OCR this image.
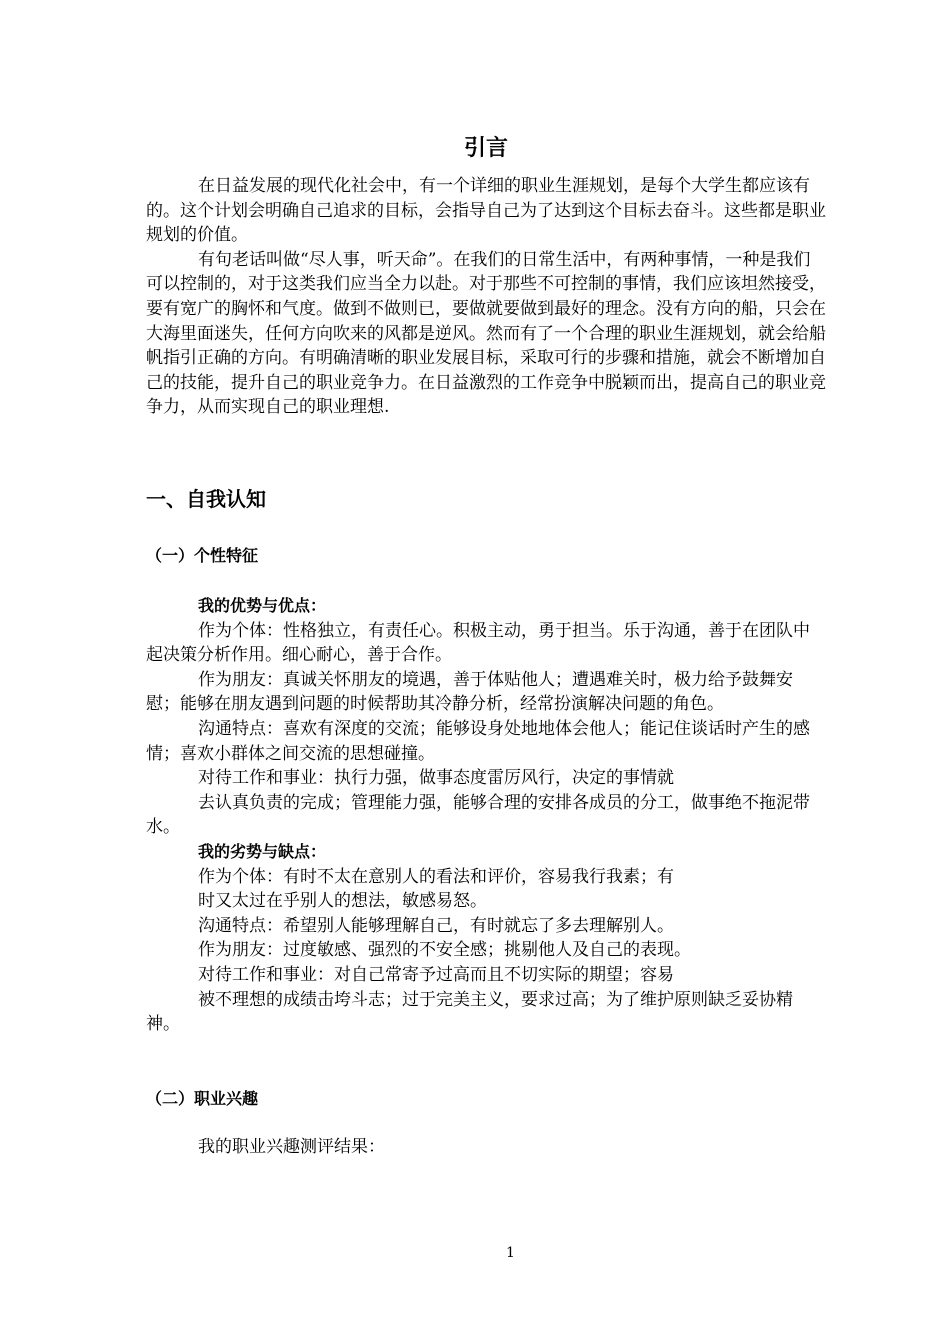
引言

在日益发展的现代化社会中，有一个详细的职业生涯规划，是每个大学生都应该有的。这个计划会明确自己追求的目标，会指导自己为了达到这个目标去奋斗。这些都是职业规划的价值。

有句老话叫做“尽人事，听天命”。在我们的日常生活中，有两种事情，一种是我们可以控制的，对于这类我们应当全力以赴。对于那些不可控制的事情，我们应该坦然接受，要有宽广的胸怀和气度。做到不做则已，要做就要做到最好的理念。没有方向的船，只会在大海里面迷失，任何方向吹来的风都是逆风。然而有了一个合理的职业生涯规划，就会给船帆指引正确的方向。有明确清晰的职业发展目标，采取可行的步骤和措施，就会不断增加自己的技能，提升自己的职业竞争力。在日益激烈的工作竞争中脱颖而出，提高自己的职业竞争力，从而实现自己的职业理想.

一、自我认知
（一）个性特征

我的优势与优点：

作为个体：性格独立，有责任心。积极主动，勇于担当。乐于沟通，善于在团队中起决策分析作用。细心耐心，善于合作。

作为朋友：真诚关怀朋友的境遇，善于体贴他人；遭遇难关时，极力给予鼓舞安慰；能够在朋友遇到问题的时候帮助其冷静分析，经常扮演解决问题的角色。

沟通特点：喜欢有深度的交流；能够设身处地地体会他人；能记住谈话时产生的感情；喜欢小群体之间交流的思想碰撞。

对待工作和事业：执行力强，做事态度雷厉风行，决定的事情就

去认真负责的完成；管理能力强，能够合理的安排各成员的分工，做事绝不拖泥带水。

我的劣势与缺点：

作为个体：有时不太在意别人的看法和评价，容易我行我素；有

时又太过在乎别人的想法，敏感易怒。

沟通特点：希望别人能够理解自己，有时就忘了多去理解别人。

作为朋友：过度敏感、强烈的不安全感；挑剔他人及自己的表现。

对待工作和事业：对自己常寄予过高而且不切实际的期望；容易

被不理想的成绩击垮斗志；过于完美主义，要求过高；为了维护原则缺乏妥协精神。

（二）职业兴趣

我的职业兴趣测评结果：

1
